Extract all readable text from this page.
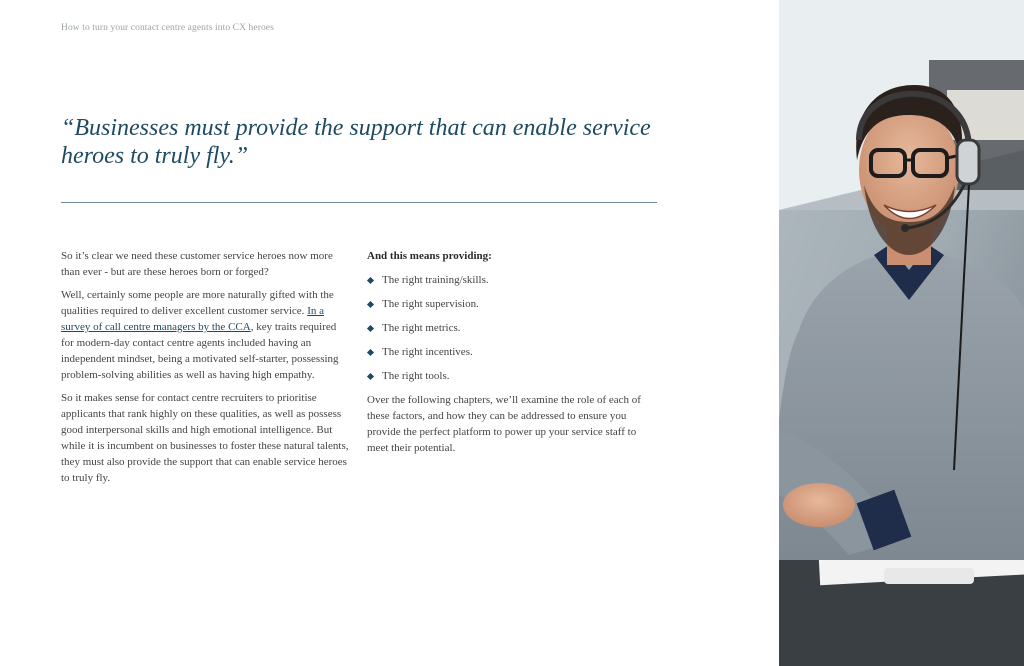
How to turn your contact centre agents into CX heroes
“Businesses must provide the support that can enable service heroes to truly fly.”

So it’s clear we need these customer service heroes now more than ever - but are these heroes born or forged?

Well, certainly some people are more naturally gifted with the qualities required to deliver excellent customer service. In a survey of call centre managers by the CCA, key traits required for modern-day contact centre agents included having an independent mindset, being a motivated self-starter, possessing problem-solving abilities as well as having high empathy.

So it makes sense for contact centre recruiters to prioritise applicants that rank highly on these qualities, as well as possess good interpersonal skills and high emotional intelligence. But while it is incumbent on businesses to foster these natural talents, they must also provide the support that can enable service heroes to truly fly.

And this means providing:

The right training/skills.
The right supervision.
The right metrics.
The right incentives.
The right tools.

Over the following chapters, we’ll examine the role of each of these factors, and how they can be addressed to ensure you provide the perfect platform to power up your service staff to meet their potential.
